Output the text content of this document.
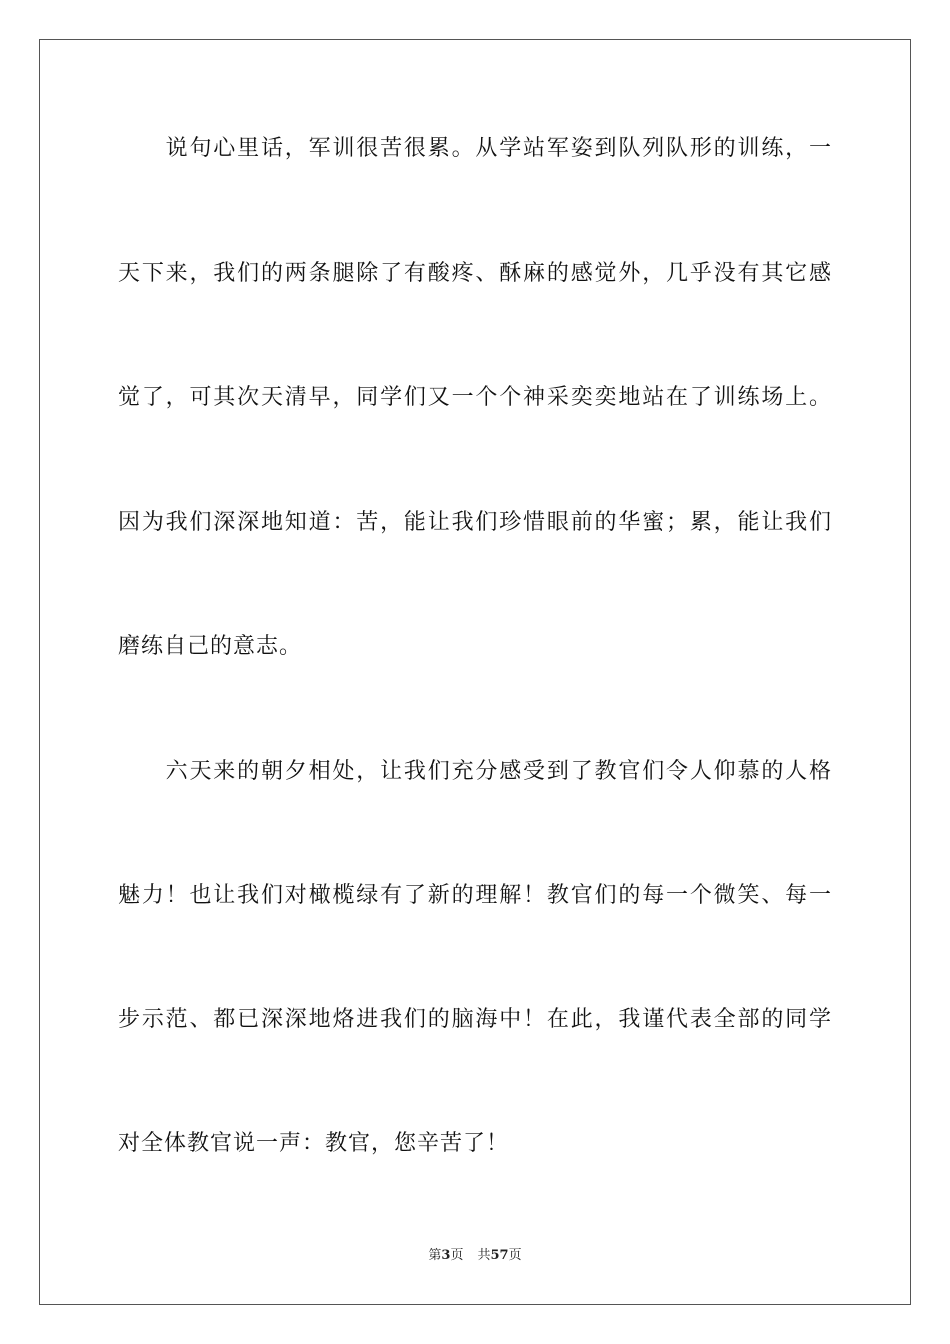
　　说句心里话，军训很苦很累。从学站军姿到队列队形的训练，一
天下来，我们的两条腿除了有酸疼、酥麻的感觉外，几乎没有其它感
觉了，可其次天清早，同学们又一个个神采奕奕地站在了训练场上。
因为我们深深地知道：苦，能让我们珍惜眼前的华蜜；累，能让我们
磨练自己的意志。
　　六天来的朝夕相处，让我们充分感受到了教官们令人仰慕的人格
魅力！也让我们对橄榄绿有了新的理解！教官们的每一个微笑、每一
步示范、都已深深地烙进我们的脑海中！在此，我谨代表全部的同学
对全体教官说一声：教官，您辛苦了！
第3页 共57页
